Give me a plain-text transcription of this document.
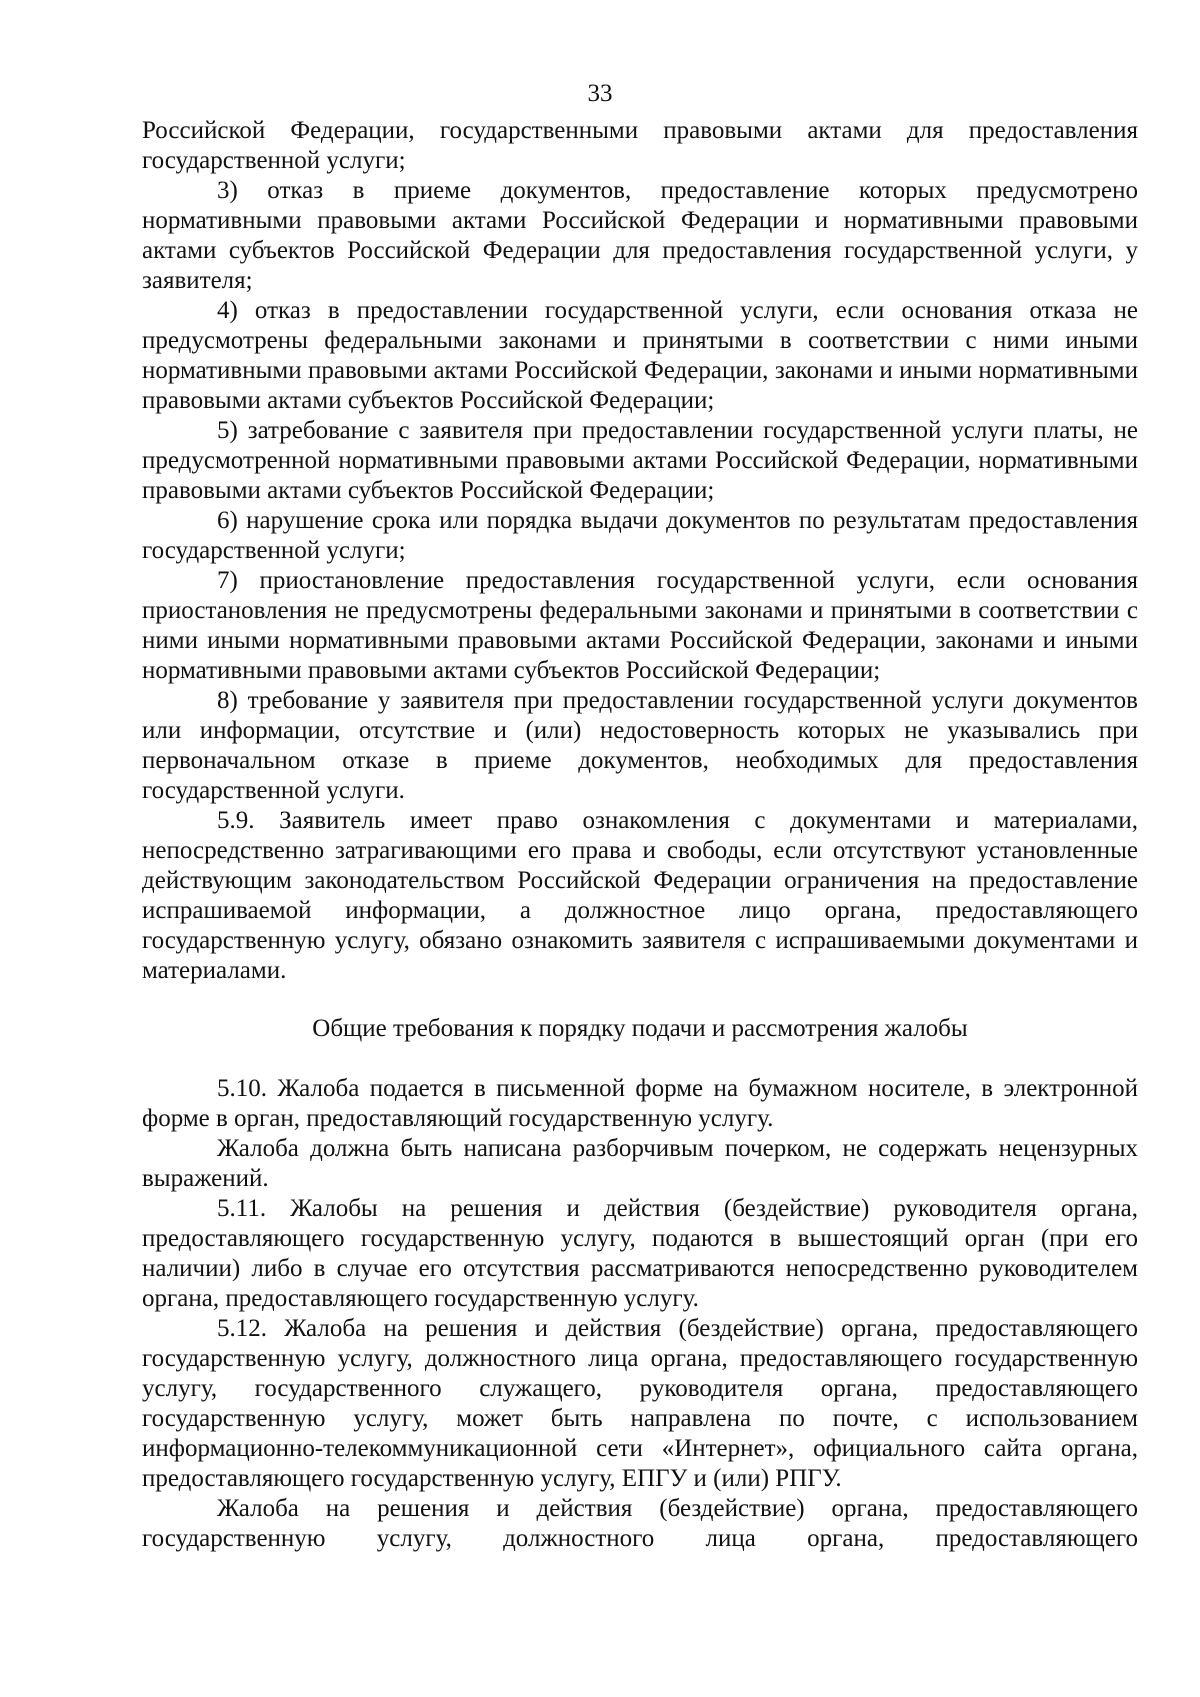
33

Российской Федерации, государственными правовыми актами для предоставления государственной услуги;

3) отказ в приеме документов, предоставление которых предусмотрено нормативными правовыми актами Российской Федерации и нормативными правовыми актами субъектов Российской Федерации для предоставления государственной услуги, у заявителя;

4) отказ в предоставлении государственной услуги, если основания отказа не предусмотрены федеральными законами и принятыми в соответствии с ними иными нормативными правовыми актами Российской Федерации, законами и иными нормативными правовыми актами субъектов Российской Федерации;

5) затребование с заявителя при предоставлении государственной услуги платы, не предусмотренной нормативными правовыми актами Российской Федерации, нормативными правовыми актами субъектов Российской Федерации;

6) нарушение срока или порядка выдачи документов по результатам предоставления государственной услуги;

7) приостановление предоставления государственной услуги, если основания приостановления не предусмотрены федеральными законами и принятыми в соответствии с ними иными нормативными правовыми актами Российской Федерации, законами и иными нормативными правовыми актами субъектов Российской Федерации;

8) требование у заявителя при предоставлении государственной услуги документов или информации, отсутствие и (или) недостоверность которых не указывались при первоначальном отказе в приеме документов, необходимых для предоставления государственной услуги.

5.9. Заявитель имеет право ознакомления с документами и материалами, непосредственно затрагивающими его права и свободы, если отсутствуют установленные действующим законодательством Российской Федерации ограничения на предоставление испрашиваемой информации, а должностное лицо органа, предоставляющего государственную услугу, обязано ознакомить заявителя с испрашиваемыми документами и материалами.

Общие требования к порядку подачи и рассмотрения жалобы

5.10. Жалоба подается в письменной форме на бумажном носителе, в электронной форме в орган, предоставляющий государственную услугу.

Жалоба должна быть написана разборчивым почерком, не содержать нецензурных выражений.

5.11. Жалобы на решения и действия (бездействие) руководителя органа, предоставляющего государственную услугу, подаются в вышестоящий орган (при его наличии) либо в случае его отсутствия рассматриваются непосредственно руководителем органа, предоставляющего государственную услугу.

5.12. Жалоба на решения и действия (бездействие) органа, предоставляющего государственную услугу, должностного лица органа, предоставляющего государственную услугу, государственного служащего, руководителя органа, предоставляющего государственную услугу, может быть направлена по почте, с использованием информационно-телекоммуникационной сети «Интернет», официального сайта органа, предоставляющего государственную услугу, ЕПГУ и (или) РПГУ.

Жалоба на решения и действия (бездействие) органа, предоставляющего государственную услугу, должностного лица органа, предоставляющего
